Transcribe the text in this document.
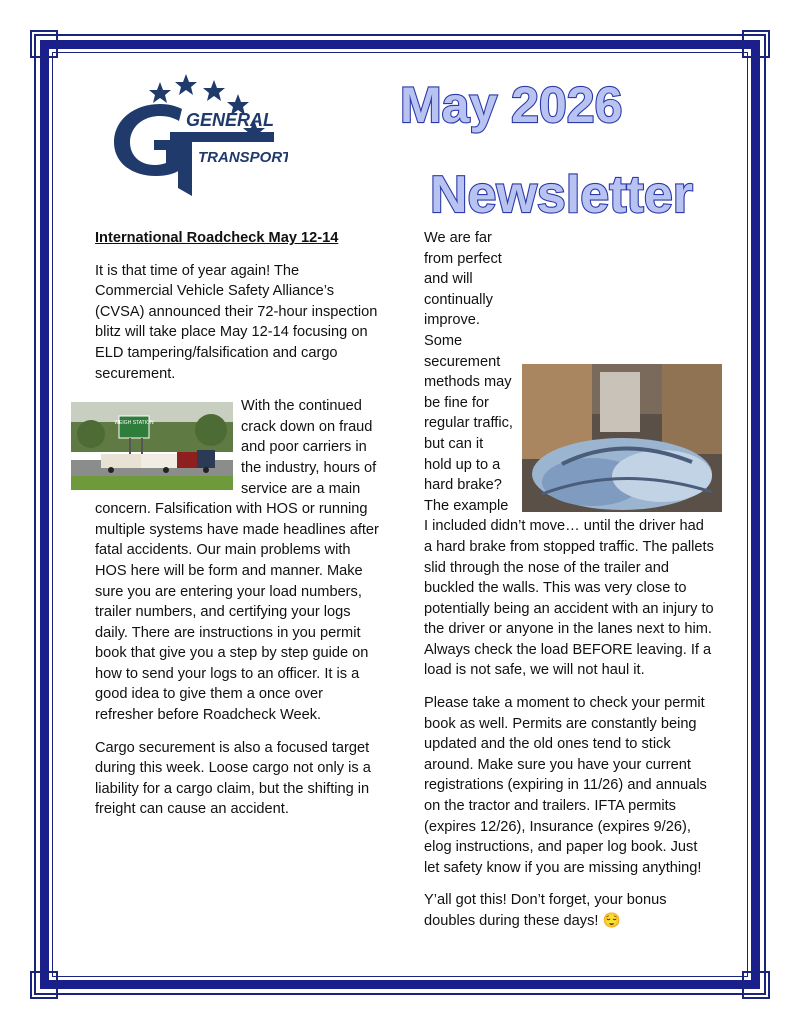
GENERAL
TRANSPORT
May 2026
Newsletter
International Roadcheck May 12-14

It is that time of year again! The Commercial Vehicle Safety Alliance’s (CVSA) announced their 72-hour inspection blitz will take place May 12-14 focusing on ELD tampering/falsification and cargo securement.

WEIGH STATION
With the continued crack down on fraud and poor carriers in the industry, hours of service are a main concern. Falsification with HOS or running multiple systems have made headlines after fatal accidents. Our main problems with HOS here will be form and manner. Make sure you are entering your load numbers, trailer numbers, and certifying your logs daily. There are instructions in you permit book that give you a step by step guide on how to send your logs to an officer. It is a good idea to give them a once over refresher before Roadcheck Week.

Cargo securement is also a focused target during this week. Loose cargo not only is a liability for a cargo claim, but the shifting in freight can cause an accident.

We are far from perfect and will continually improve. Some securement methods may be fine for regular traffic, but can it hold up to a hard brake? The example I included didn’t move… until the driver had a hard brake from stopped traffic. The pallets slid through the nose of the trailer and buckled the walls. This was very close to potentially being an accident with an injury to the driver or anyone in the lanes next to him. Always check the load BEFORE leaving. If a load is not safe, we will not haul it.

Please take a moment to check your permit book as well. Permits are constantly being updated and the old ones tend to stick around. Make sure you have your current registrations (expiring in 11/26) and annuals on the tractor and trailers. IFTA permits (expires 12/26), Insurance (expires 9/26), elog instructions, and paper log book. Just let safety know if you are missing anything!

Y’all got this! Don’t forget, your bonus doubles during these days! 😌
